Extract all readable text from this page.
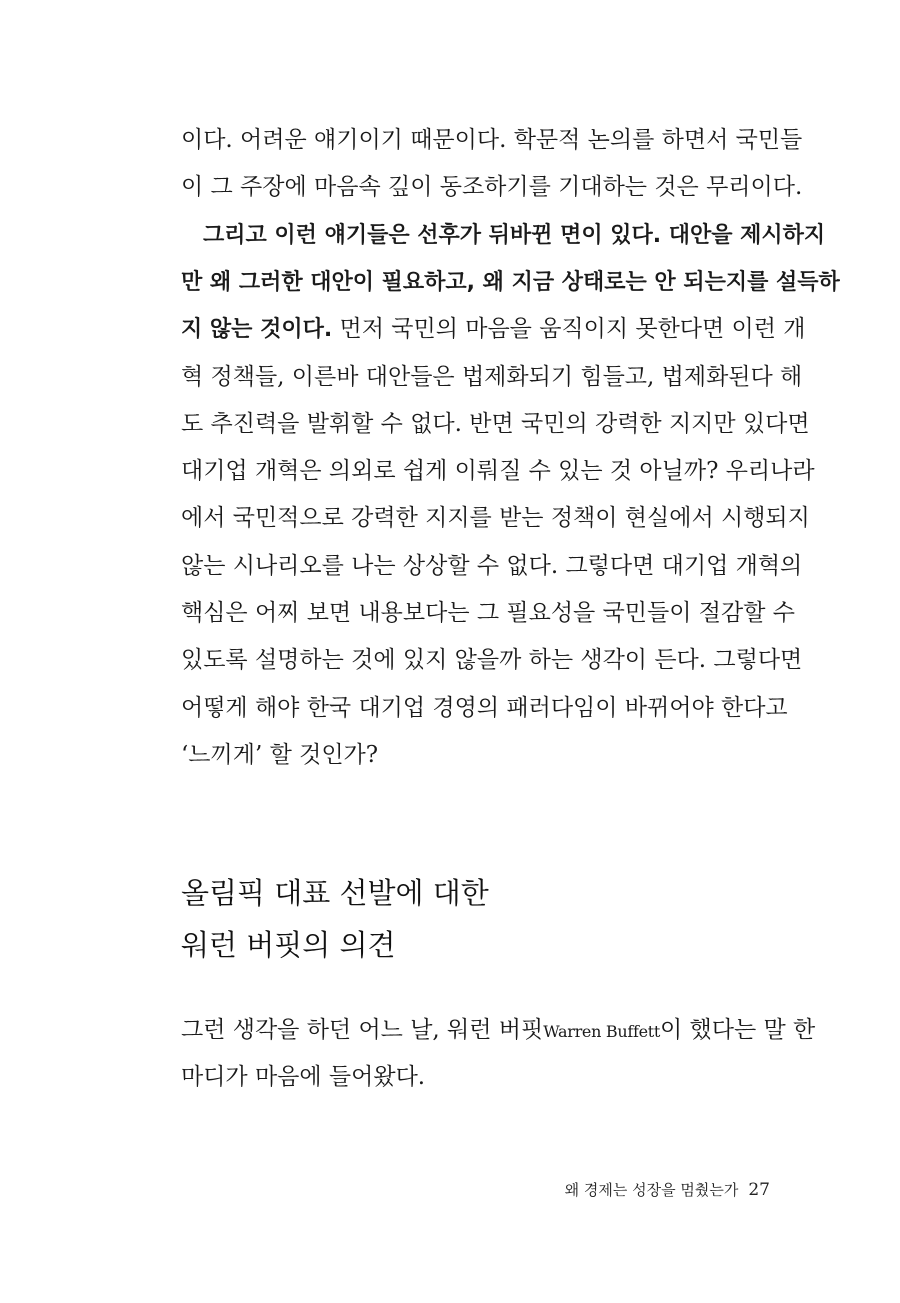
이다. 어려운 얘기이기 때문이다. 학문적 논의를 하면서 국민들
이 그 주장에 마음속 깊이 동조하기를 기대하는 것은 무리이다.
그리고 이런 얘기들은 선후가 뒤바뀐 면이 있다. 대안을 제시하지
만 왜 그러한 대안이 필요하고, 왜 지금 상태로는 안 되는지를 설득하
지 않는 것이다. 먼저 국민의 마음을 움직이지 못한다면 이런 개
혁 정책들, 이른바 대안들은 법제화되기 힘들고, 법제화된다 해
도 추진력을 발휘할 수 없다. 반면 국민의 강력한 지지만 있다면
대기업 개혁은 의외로 쉽게 이뤄질 수 있는 것 아닐까? 우리나라
에서 국민적으로 강력한 지지를 받는 정책이 현실에서 시행되지
않는 시나리오를 나는 상상할 수 없다. 그렇다면 대기업 개혁의
핵심은 어찌 보면 내용보다는 그 필요성을 국민들이 절감할 수
있도록 설명하는 것에 있지 않을까 하는 생각이 든다. 그렇다면
어떻게 해야 한국 대기업 경영의 패러다임이 바뀌어야 한다고
‘느끼게’ 할 것인가?
올림픽 대표 선발에 대한
워런 버핏의 의견
그런 생각을 하던 어느 날, 워런 버핏Warren Buffett이 했다는 말 한
마디가 마음에 들어왔다.
왜 경제는 성장을 멈췄는가 27
